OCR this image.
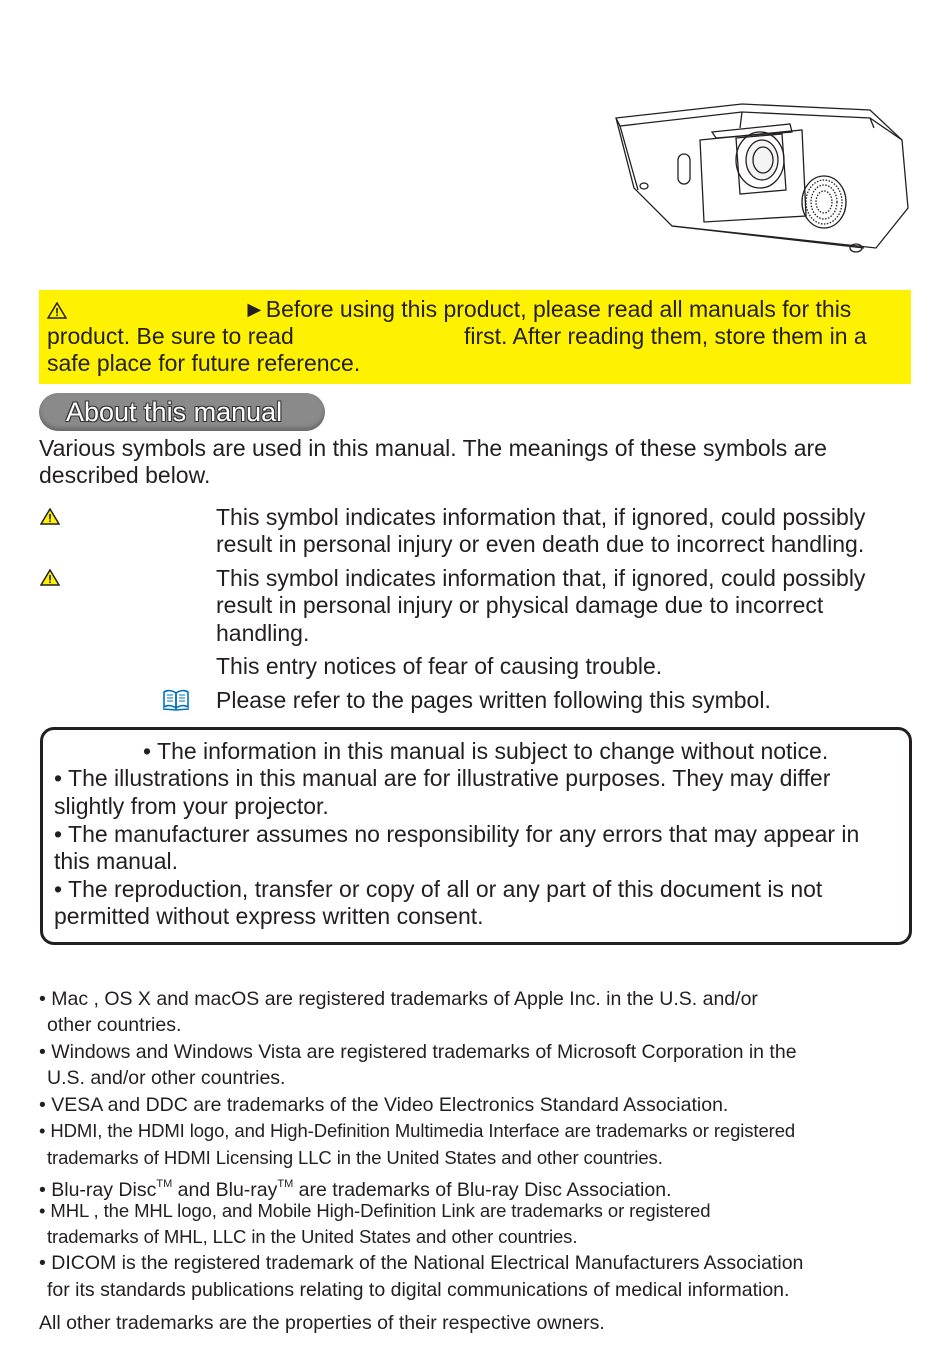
►Before using this product, please read all manuals for this
product. Be sure to read	first. After reading them, store them in a
safe place for future reference.
About this manual
Various symbols are used in this manual. The meanings of these symbols are
described below.
This symbol indicates information that, if ignored, could possibly
result in personal injury or even death due to incorrect handling.
This symbol indicates information that, if ignored, could possibly
result in personal injury or physical damage due to incorrect
handling.
This entry notices of fear of causing trouble.
Please refer to the pages written following this symbol.
• The information in this manual is subject to change without notice.
• The illustrations in this manual are for illustrative purposes. They may differ
slightly from your projector.
• The manufacturer assumes no responsibility for any errors that may appear in
this manual.
• The reproduction, transfer or copy of all or any part of this document is not
permitted without express written consent.
• Mac , OS X and macOS are registered trademarks of Apple Inc. in the U.S. and/or
other countries.
• Windows and Windows Vista are registered trademarks of Microsoft Corporation in the
U.S. and/or other countries.
• VESA and DDC are trademarks of the Video Electronics Standard Association.
• HDMI, the HDMI logo, and High-Definition Multimedia Interface are trademarks or registered
trademarks of HDMI Licensing LLC in the United States and other countries.
• Blu-ray Disc™ and Blu-ray™ are trademarks of Blu-ray Disc Association.
• MHL , the MHL logo, and Mobile High-Definition Link are trademarks or registered
trademarks of MHL, LLC in the United States and other countries.
• DICOM is the registered trademark of the National Electrical Manufacturers Association
for its standards publications relating to digital communications of medical information.
All other trademarks are the properties of their respective owners.
